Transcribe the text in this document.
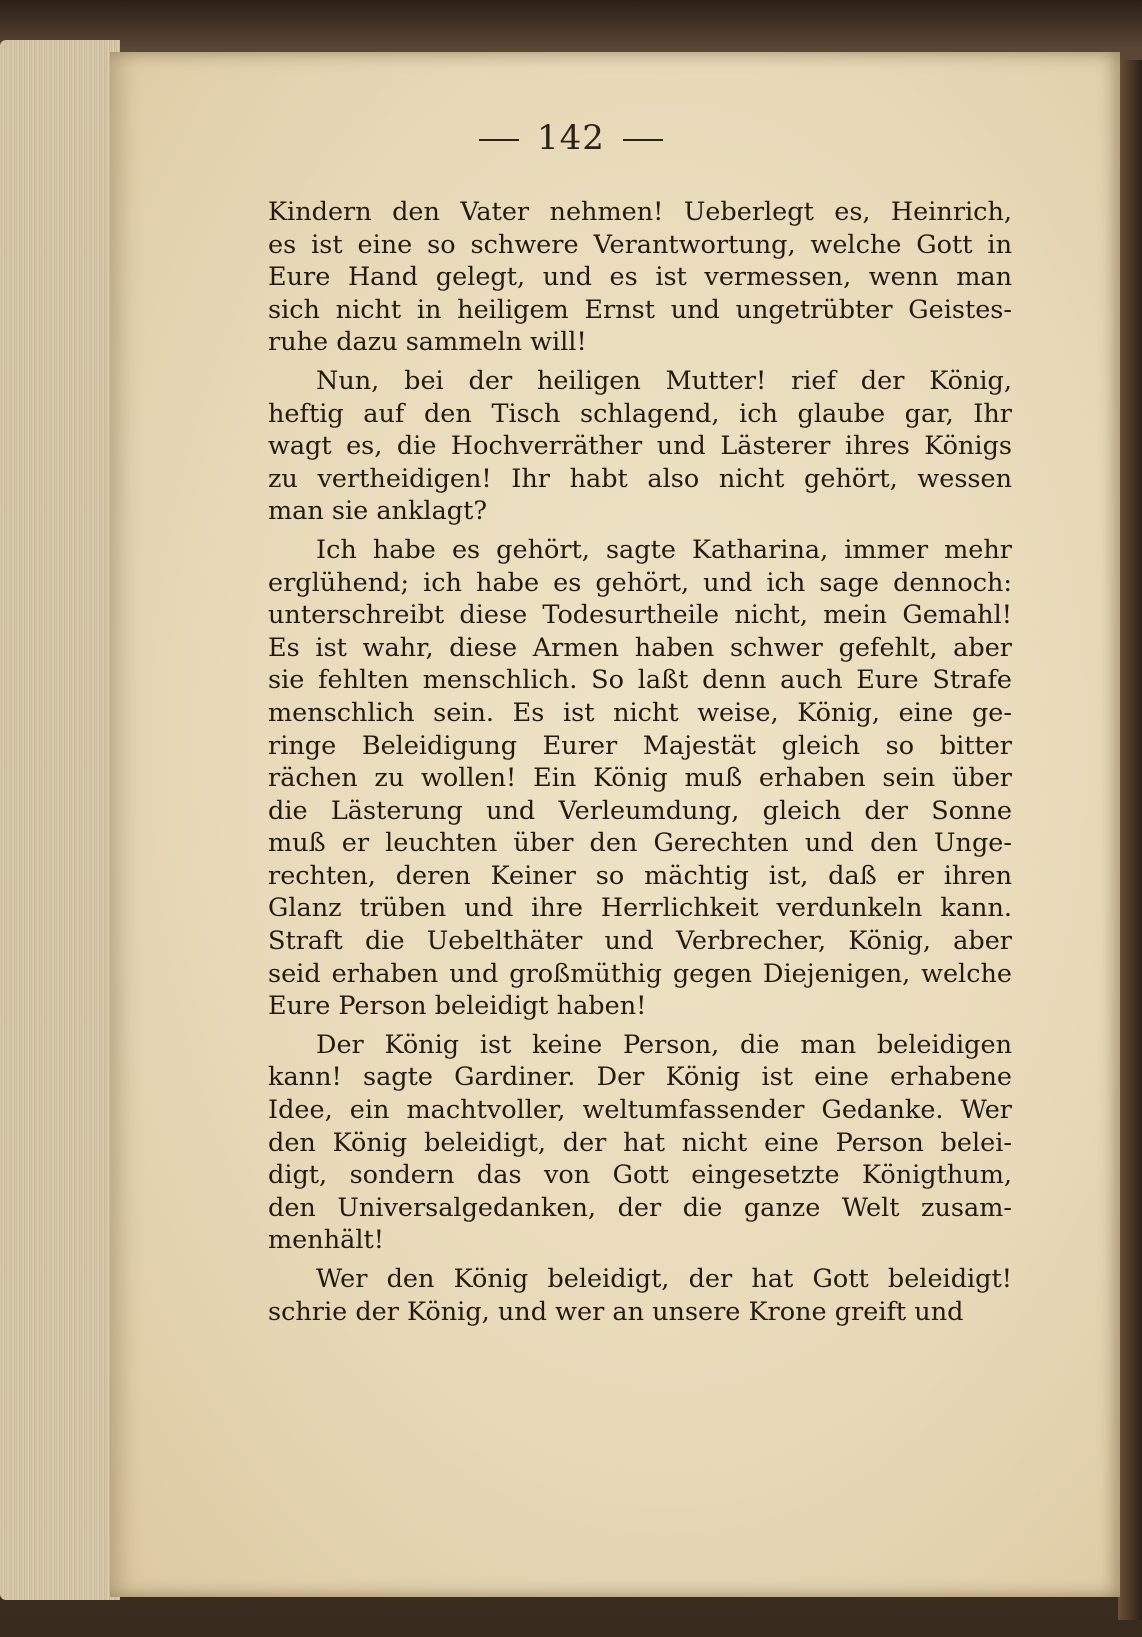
142

Kindern den Vater nehmen! Ueberlegt es, Heinrich,
es ist eine so schwere Verantwortung, welche Gott in
Eure Hand gelegt, und es ist vermessen, wenn man
sich nicht in heiligem Ernst und ungetrübter Geistes-
ruhe dazu sammeln will!

Nun, bei der heiligen Mutter! rief der König,
heftig auf den Tisch schlagend, ich glaube gar, Ihr
wagt es, die Hochverräther und Lästerer ihres Königs
zu vertheidigen! Ihr habt also nicht gehört, wessen
man sie anklagt?

Ich habe es gehört, sagte Katharina, immer mehr
erglühend; ich habe es gehört, und ich sage dennoch:
unterschreibt diese Todesurtheile nicht, mein Gemahl!
Es ist wahr, diese Armen haben schwer gefehlt, aber
sie fehlten menschlich. So laßt denn auch Eure Strafe
menschlich sein. Es ist nicht weise, König, eine ge-
ringe Beleidigung Eurer Majestät gleich so bitter
rächen zu wollen! Ein König muß erhaben sein über
die Lästerung und Verleumdung, gleich der Sonne
muß er leuchten über den Gerechten und den Unge-
rechten, deren Keiner so mächtig ist, daß er ihren
Glanz trüben und ihre Herrlichkeit verdunkeln kann.
Straft die Uebelthäter und Verbrecher, König, aber
seid erhaben und großmüthig gegen Diejenigen, welche
Eure Person beleidigt haben!

Der König ist keine Person, die man beleidigen
kann! sagte Gardiner. Der König ist eine erhabene
Idee, ein machtvoller, weltumfassender Gedanke. Wer
den König beleidigt, der hat nicht eine Person belei-
digt, sondern das von Gott eingesetzte Königthum,
den Universalgedanken, der die ganze Welt zusam-
menhält!

Wer den König beleidigt, der hat Gott beleidigt!
schrie der König, und wer an unsere Krone greift und
